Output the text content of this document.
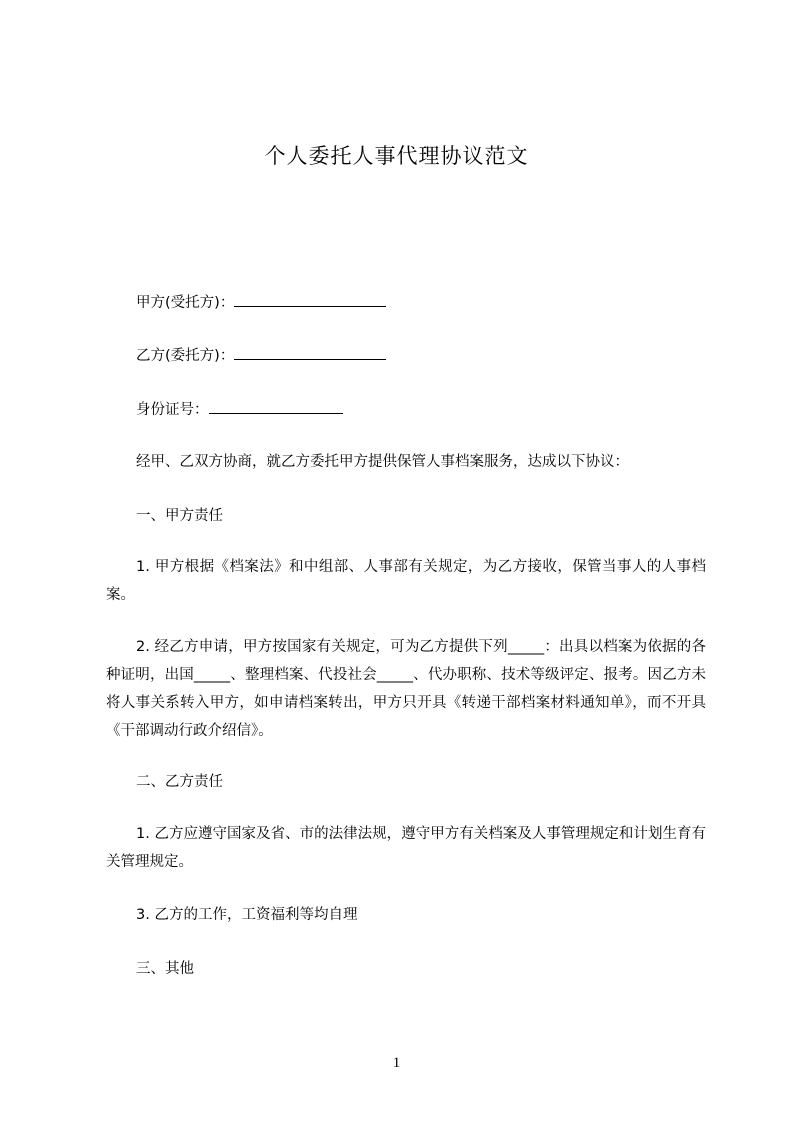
个人委托人事代理协议范文
甲方(受托方)：
乙方(委托方)：
身份证号：
经甲、乙双方协商，就乙方委托甲方提供保管人事档案服务，达成以下协议：
一、甲方责任
1. 甲方根据《档案法》和中组部、人事部有关规定，为乙方接收，保管当事人的人事档案。
2. 经乙方申请，甲方按国家有关规定，可为乙方提供下列_____：出具以档案为依据的各种证明，出国_____、整理档案、代投社会_____、代办职称、技术等级评定、报考。因乙方未将人事关系转入甲方，如申请档案转出，甲方只开具《转递干部档案材料通知单》，而不开具《干部调动行政介绍信》。
二、乙方责任
1. 乙方应遵守国家及省、市的法律法规，遵守甲方有关档案及人事管理规定和计划生育有关管理规定。
3. 乙方的工作，工资福利等均自理
三、其他
1
